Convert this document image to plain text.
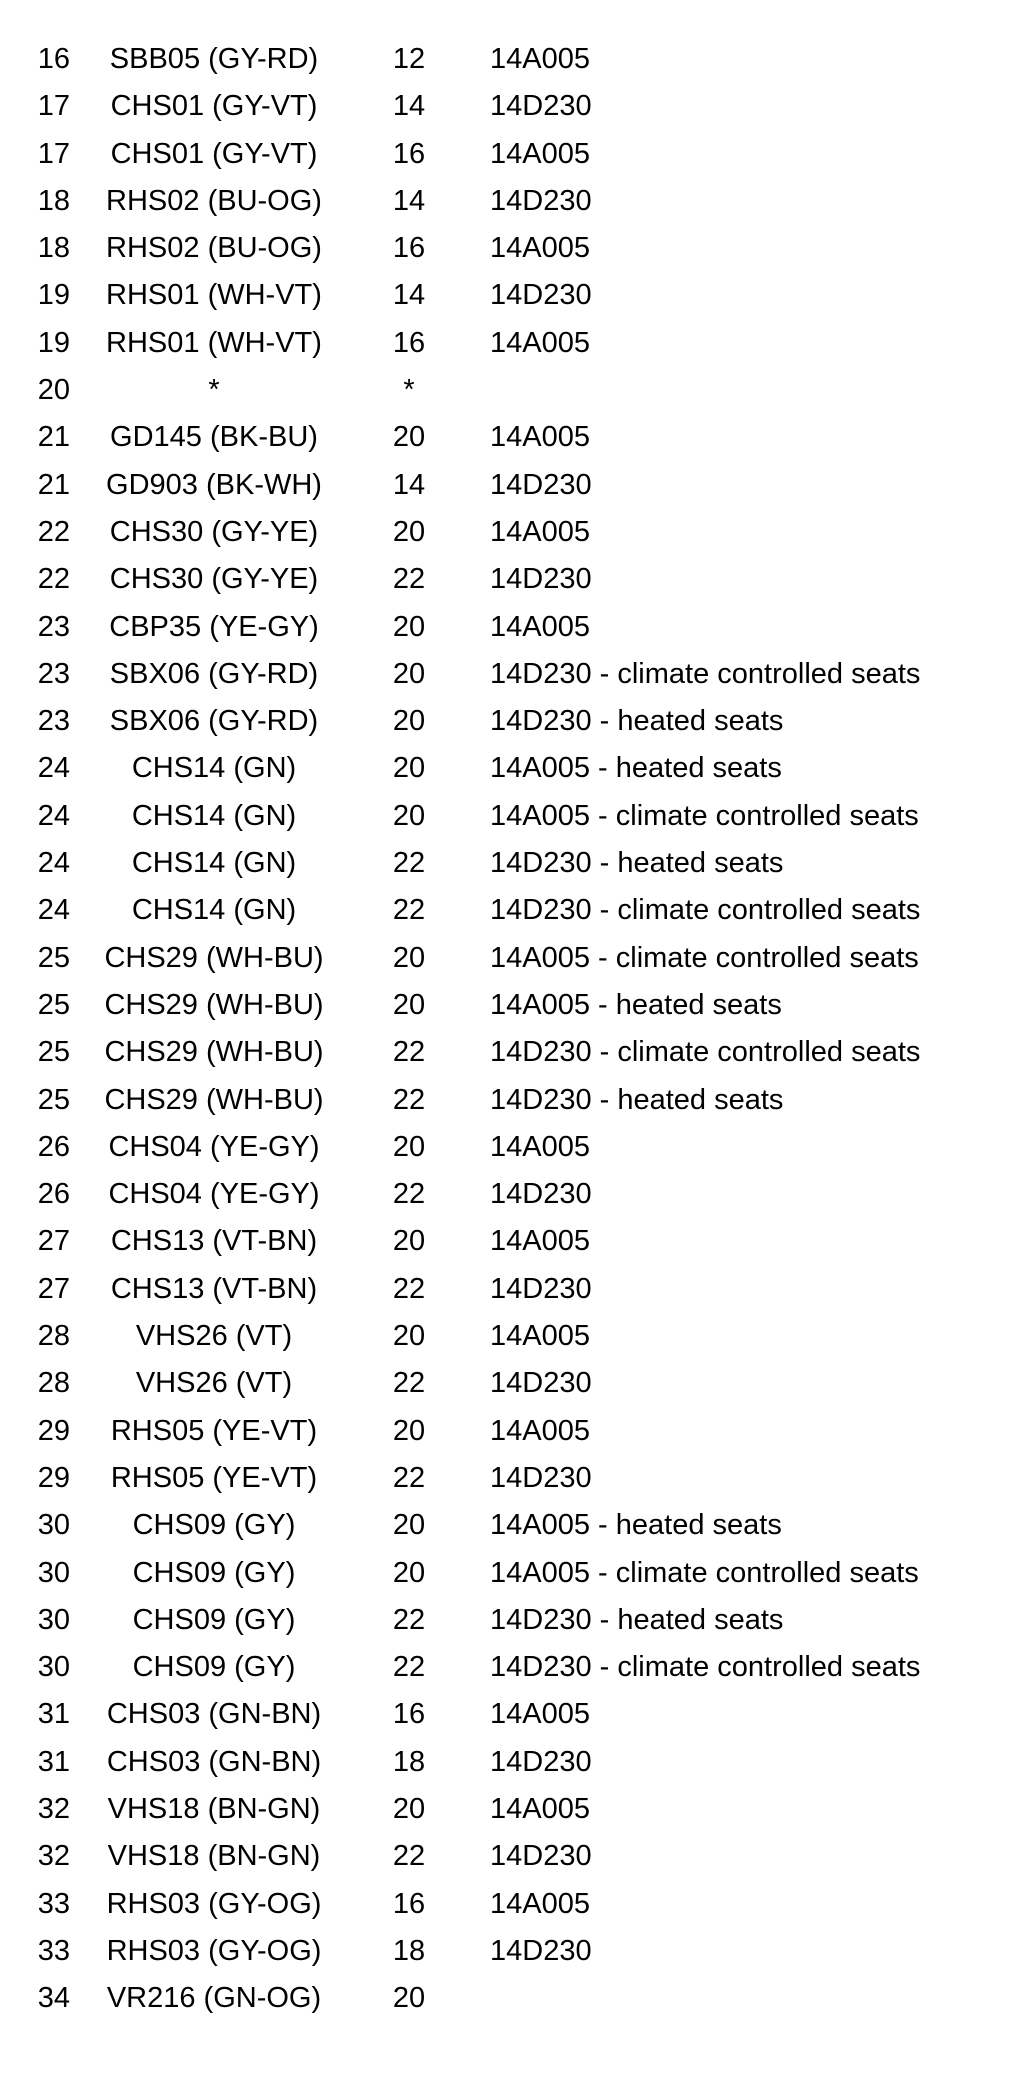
16	SBB05 (GY-RD)	12	14A005
17	CHS01 (GY-VT)	14	14D230
17	CHS01 (GY-VT)	16	14A005
18	RHS02 (BU-OG)	14	14D230
18	RHS02 (BU-OG)	16	14A005
19	RHS01 (WH-VT)	14	14D230
19	RHS01 (WH-VT)	16	14A005
20	*	*
21	GD145 (BK-BU)	20	14A005
21	GD903 (BK-WH)	14	14D230
22	CHS30 (GY-YE)	20	14A005
22	CHS30 (GY-YE)	22	14D230
23	CBP35 (YE-GY)	20	14A005
23	SBX06 (GY-RD)	20	14D230 - climate controlled seats
23	SBX06 (GY-RD)	20	14D230 - heated seats
24	CHS14 (GN)	20	14A005 - heated seats
24	CHS14 (GN)	20	14A005 - climate controlled seats
24	CHS14 (GN)	22	14D230 - heated seats
24	CHS14 (GN)	22	14D230 - climate controlled seats
25	CHS29 (WH-BU)	20	14A005 - climate controlled seats
25	CHS29 (WH-BU)	20	14A005 - heated seats
25	CHS29 (WH-BU)	22	14D230 - climate controlled seats
25	CHS29 (WH-BU)	22	14D230 - heated seats
26	CHS04 (YE-GY)	20	14A005
26	CHS04 (YE-GY)	22	14D230
27	CHS13 (VT-BN)	20	14A005
27	CHS13 (VT-BN)	22	14D230
28	VHS26 (VT)	20	14A005
28	VHS26 (VT)	22	14D230
29	RHS05 (YE-VT)	20	14A005
29	RHS05 (YE-VT)	22	14D230
30	CHS09 (GY)	20	14A005 - heated seats
30	CHS09 (GY)	20	14A005 - climate controlled seats
30	CHS09 (GY)	22	14D230 - heated seats
30	CHS09 (GY)	22	14D230 - climate controlled seats
31	CHS03 (GN-BN)	16	14A005
31	CHS03 (GN-BN)	18	14D230
32	VHS18 (BN-GN)	20	14A005
32	VHS18 (BN-GN)	22	14D230
33	RHS03 (GY-OG)	16	14A005
33	RHS03 (GY-OG)	18	14D230
34	VR216 (GN-OG)	20
